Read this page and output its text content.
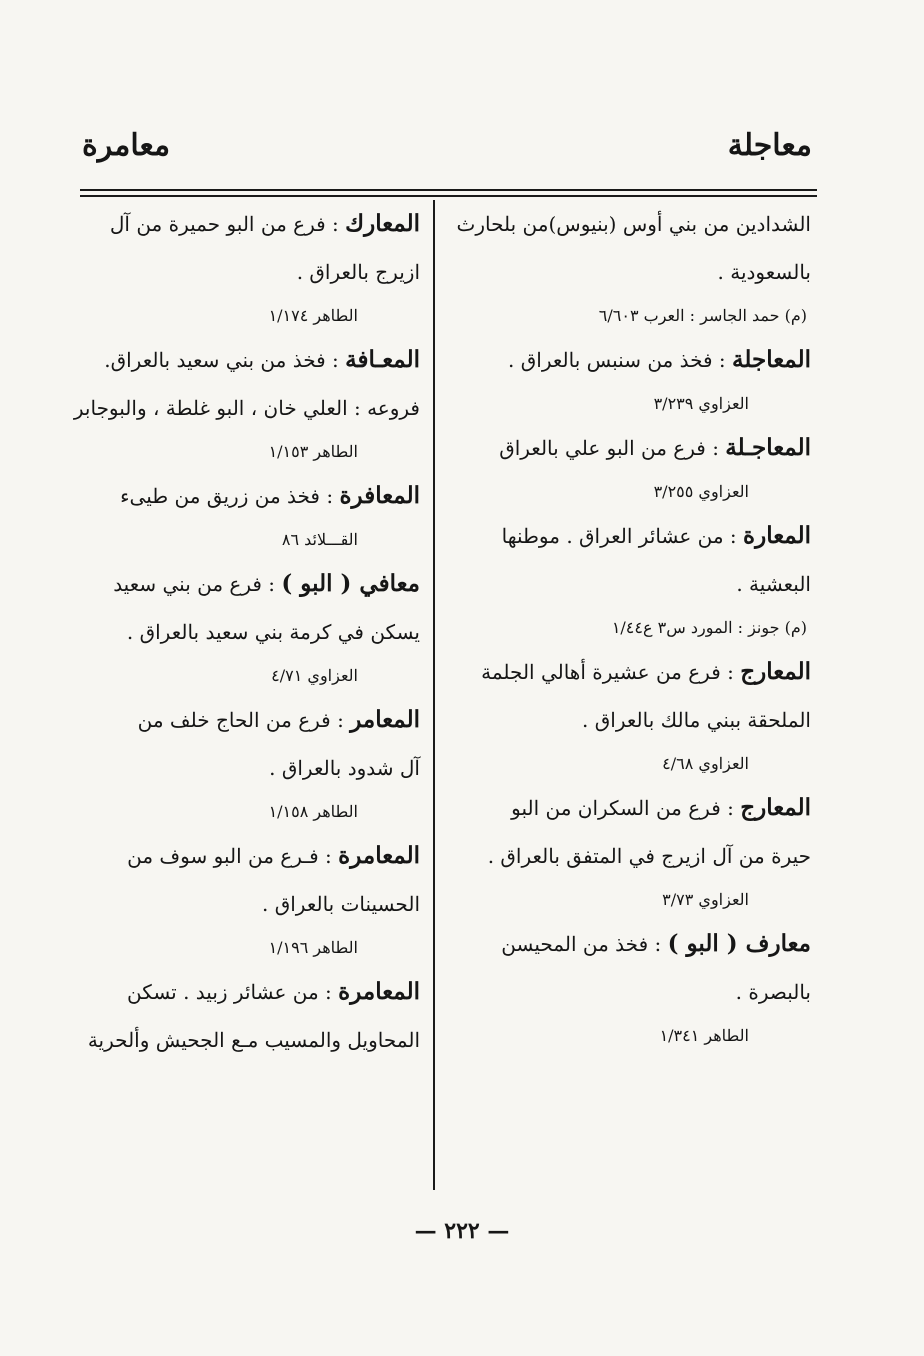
معاجلة
معامرة
الشدادين من بني أوس (بنيوس)من بلحارث
بالسعودية .
(م) حمد الجاسر : العرب ٦/٦٠٣
المعاجلة : فخذ من سنبس بالعراق .
العزاوي ٣/٢٣٩
المعاجـلة : فرع من البو علي بالعراق
العزاوي ٣/٢٥٥
المعارة : من عشائر العراق . موطنها
البعشية .
(م) جونز : المورد س٣ ع١/٤٤
المعارج : فرع من عشيرة أهالي الجلمة
الملحقة ببني مالك بالعراق .
العزاوي ٤/٦٨
المعارج : فرع من السكران من البو
حيرة من آل ازيرج في المتفق بالعراق .
العزاوي ٣/٧٣
معارف ( البو ) : فخذ من المحيسن
بالبصرة .
الطاهر ١/٣٤١
المعارك : فرع من البو حميرة من آل
ازيرج بالعراق .
الطاهر ١/١٧٤
المعـافة : فخذ من بني سعيد بالعراق.
فروعه : العلي خان ، البو غلطة ، والبوجابر
الطاهر ١/١٥٣
المعافرة : فخذ من زريق من طيىء
القـــلائد ٨٦
معافي ( البو ) : فرع من بني سعيد
يسكن في كرمة بني سعيد بالعراق .
العزاوي ٤/٧١
المعامر : فرع من الحاج خلف من
آل شدود بالعراق .
الطاهر ١/١٥٨
المعامرة : فـرع من البو سوف من
الحسينات بالعراق .
الطاهر ١/١٩٦
المعامرة : من عشائر زبيد . تسكن
المحاويل والمسيب مـع الجحيش وألحرية
— ٢٢٢ —
